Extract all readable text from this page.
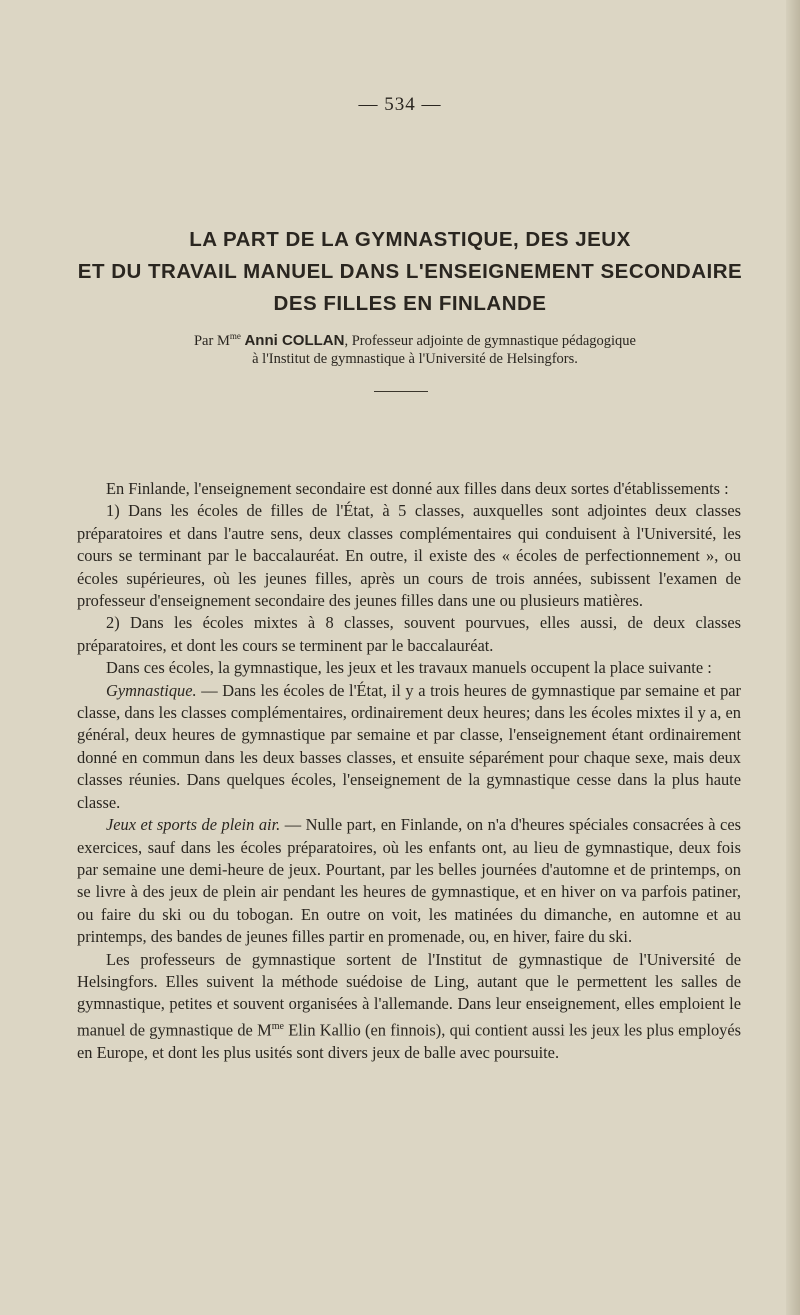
— 534 —
LA PART DE LA GYMNASTIQUE, DES JEUX
ET DU TRAVAIL MANUEL DANS L'ENSEIGNEMENT SECONDAIRE
DES FILLES EN FINLANDE
Par $M^{me}$ Anni COLLAN, Professeur adjointe de gymnastique pédagogique
à l'Institut de gymnastique à l'Université de Helsingfors.

En Finlande, l'enseignement secondaire est donné aux filles dans deux sortes d'établissements :

1) Dans les écoles de filles de l'État, à 5 classes, auxquelles sont adjointes deux classes préparatoires et dans l'autre sens, deux classes complémentaires qui conduisent à l'Université, les cours se terminant par le baccalauréat. En outre, il existe des « écoles de perfectionnement », ou écoles supérieures, où les jeunes filles, après un cours de trois années, subissent l'examen de professeur d'enseignement secondaire des jeunes filles dans une ou plusieurs matières.

2) Dans les écoles mixtes à 8 classes, souvent pourvues, elles aussi, de deux classes préparatoires, et dont les cours se terminent par le baccalauréat.

Dans ces écoles, la gymnastique, les jeux et les travaux manuels occupent la place suivante :

Gymnastique. — Dans les écoles de l'État, il y a trois heures de gymnastique par semaine et par classe, dans les classes complémentaires, ordinairement deux heures; dans les écoles mixtes il y a, en général, deux heures de gymnastique par semaine et par classe, l'enseignement étant ordinairement donné en commun dans les deux basses classes, et ensuite séparément pour chaque sexe, mais deux classes réunies. Dans quelques écoles, l'enseignement de la gymnastique cesse dans la plus haute classe.

Jeux et sports de plein air. — Nulle part, en Finlande, on n'a d'heures spéciales consacrées à ces exercices, sauf dans les écoles préparatoires, où les enfants ont, au lieu de gymnastique, deux fois par semaine une demi-heure de jeux. Pourtant, par les belles journées d'automne et de printemps, on se livre à des jeux de plein air pendant les heures de gymnastique, et en hiver on va parfois patiner, ou faire du ski ou du tobogan. En outre on voit, les matinées du dimanche, en automne et au printemps, des bandes de jeunes filles partir en promenade, ou, en hiver, faire du ski.

Les professeurs de gymnastique sortent de l'Institut de gymnastique de l'Université de Helsingfors. Elles suivent la méthode suédoise de Ling, autant que le permettent les salles de gymnastique, petites et souvent organisées à l'allemande. Dans leur enseignement, elles emploient le manuel de gymnastique de $M^{me}$ Elin Kallio (en finnois), qui contient aussi les jeux les plus employés en Europe, et dont les plus usités sont divers jeux de balle avec poursuite.
